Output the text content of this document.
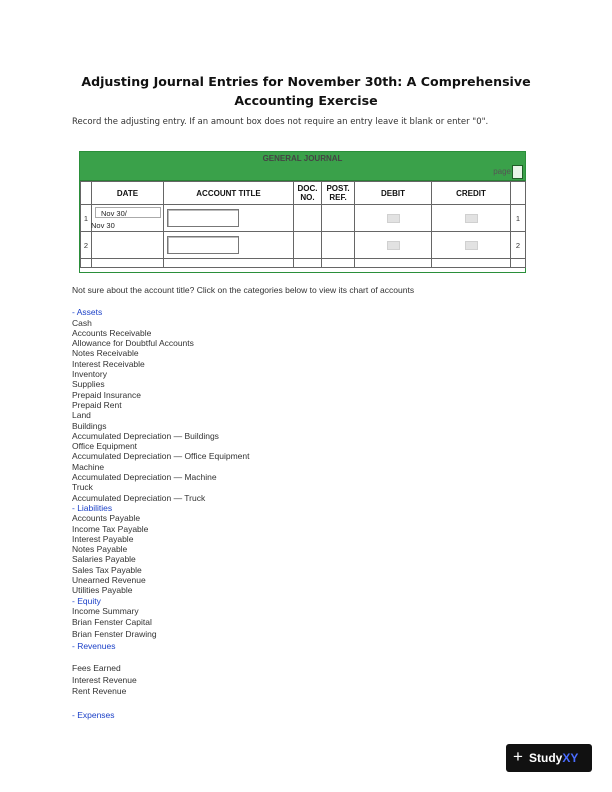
Adjusting Journal Entries for November 30th: A Comprehensive Accounting Exercise
Record the adjusting entry. If an amount box does not require an entry leave it blank or enter "0".
GENERAL JOURNAL
page
	DATE	ACCOUNT TITLE	DOC. NO.	POST. REF.	DEBIT	CREDIT	
1	Nov 30/
Nov 30						1
2							2

Not sure about the account title? Click on the categories below to view its chart of accounts
- Assets
Cash
Accounts Receivable
Allowance for Doubtful Accounts
Notes Receivable
Interest Receivable
Inventory
Supplies
Prepaid Insurance
Prepaid Rent
Land
Buildings
Accumulated Depreciation — Buildings
Office Equipment
Accumulated Depreciation — Office Equipment
Machine
Accumulated Depreciation — Machine
Truck
Accumulated Depreciation — Truck
- Liabilities
Accounts Payable
Income Tax Payable
Interest Payable
Notes Payable
Salaries Payable
Sales Tax Payable
Unearned Revenue
Utilities Payable
- Equity
Income Summary
Brian Fenster Capital
Brian Fenster Drawing
- Revenues
Fees Earned
Interest Revenue
Rent Revenue
- Expenses
+ StudyXY
